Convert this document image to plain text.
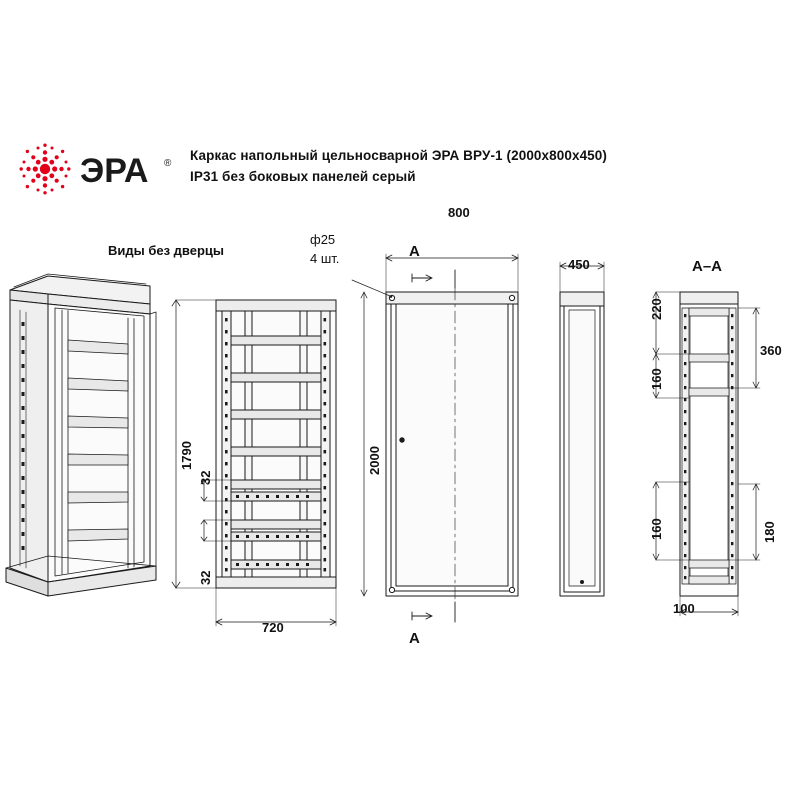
ЭРА ®
Каркас напольный цельносварной ЭРА ВРУ-1 (2000х800х450)
IP31 без боковых панелей серый
Виды без дверцы
ф25
4 шт.
800
450
A
A
A–A
1790	2000
32
32
720
220
160
160
360
180
100
